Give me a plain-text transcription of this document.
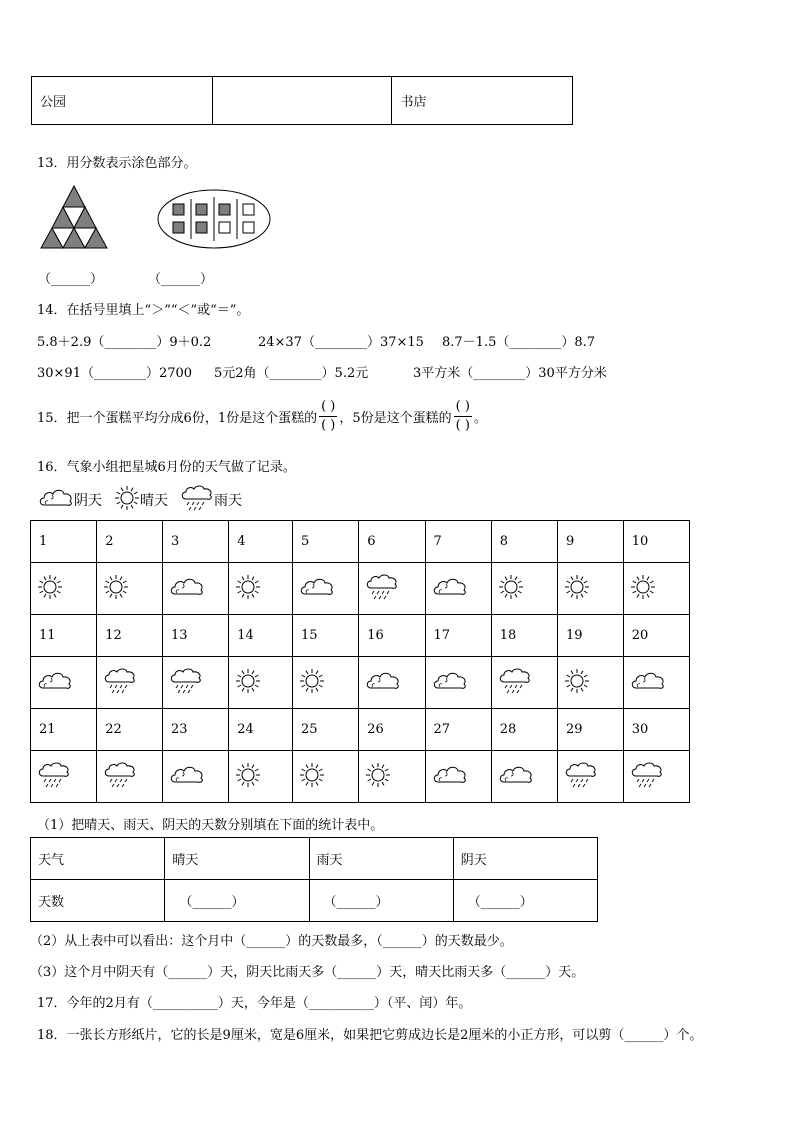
公园		书店
13．用分数表示涂色部分。
（______）	（______）
14．在括号里填上“＞”“＜”或“＝”。
5.8＋2.9（________）9＋0.2	24×37（________）37×15 8.7－1.5（________）8.7
30×91（________）2700 5元2角（________）5.2元	3平方米（________）30平方分米
15．把一个蛋糕平均分成6份，1份是这个蛋糕的 $\frac{( )}{( )}$ ，5份是这个蛋糕的 $\frac{( )}{( )}$ 。
16．气象小组把星城6月份的天气做了记录。
阴天	晴天	雨天
1	2	3	4	5	6	7	8	9	10

11	12	13	14	15	16	17	18	19	20

21	22	23	24	25	26	27	28	29	30

（1）把晴天、雨天、阴天的天数分别填在下面的统计表中。
天气	晴天	雨天	阴天
天数	（______）	（______）	（______）
（2）从上表中可以看出：这个月中（______）的天数最多，（______）的天数最少。
（3）这个月中阴天有（______）天，阴天比雨天多（______）天，晴天比雨天多（______）天。
17．今年的2月有（__________）天，今年是（__________）（平、闰）年。
18．一张长方形纸片，它的长是9厘米，宽是6厘米，如果把它剪成边长是2厘米的小正方形，可以剪（______）个。
